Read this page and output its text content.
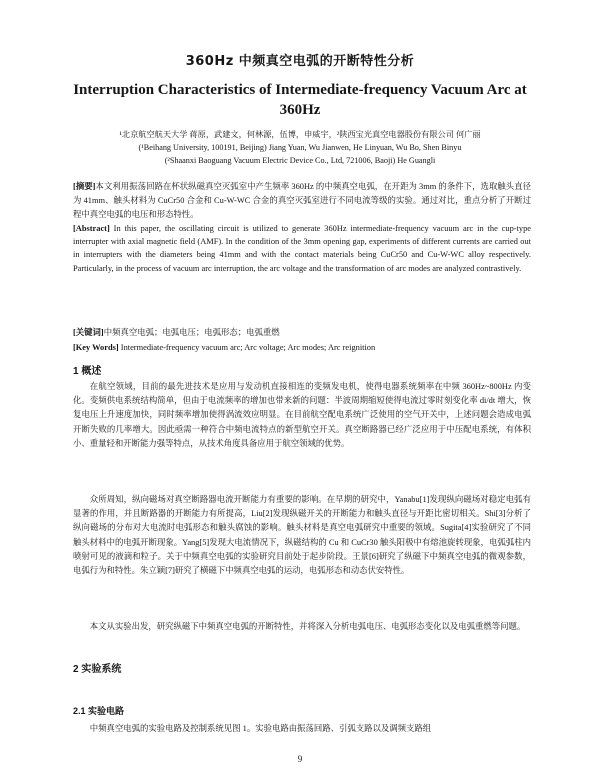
360Hz 中频真空电弧的开断特性分析
Interruption Characteristics of Intermediate-frequency Vacuum Arc at 360Hz
¹北京航空航天大学 蒋原，武建文，何林源，伍博，申威宇，²陕西宝光真空电器股份有限公司 何广丽
(¹Beihang University, 100191, Beijing) Jiang Yuan, Wu Jianwen, He Linyuan, Wu Bo, Shen Binyu
(²Shaanxi Baoguang Vacuum Electric Device Co., Ltd, 721006, Baoji) He Guangli
[摘要]本文利用振荡回路在杯状纵磁真空灭弧室中产生频率 360Hz 的中频真空电弧，在开距为 3mm 的条件下，选取触头直径为 41mm、触头材料为 CuCr50 合金和 Cu-W-WC 合金的真空灭弧室进行不同电流等级的实验。通过对比，重点分析了开断过程中真空电弧的电压和形态特性。
[Abstract] In this paper, the oscillating circuit is utilized to generate 360Hz intermediate-frequency vacuum arc in the cup-type interrupter with axial magnetic field (AMF). In the condition of the 3mm opening gap, experiments of different currents are carried out in interrupters with the diameters being 41mm and with the contact materials being CuCr50 and Cu-W-WC alloy respectively. Particularly, in the process of vacuum arc interruption, the arc voltage and the transformation of arc modes are analyzed contrastively.
[关键词]中频真空电弧；电弧电压；电弧形态；电弧重燃
[Key Words] Intermediate-frequency vacuum arc; Arc voltage; Arc modes; Arc reignition
1 概述
在航空领域，目前的最先进技术是应用与发动机直接相连的变频发电机，使得电器系统频率在中频 360Hz~800Hz 内变化。变频供电系统结构简单，但由于电流频率的增加也带来新的问题：半波周期缩短使得电流过零时刻变化率 di/dt 增大，恢复电压上升速度加快，同时频率增加使得涡流效应明显。在目前航空配电系统广泛使用的空气开关中，上述问题会造成电弧开断失败的几率增大。因此亟需一种符合中频电流特点的新型航空开关。真空断路器已经广泛应用于中压配电系统，有体积小、重量轻和开断能力强等特点，从技术角度具备应用于航空领域的优势。
众所周知，纵向磁场对真空断路器电流开断能力有重要的影响。在早期的研究中，Yanabu[1]发现纵向磁场对稳定电弧有显著的作用，并且断路器的开断能力有所提高，Liu[2]发现纵磁开关的开断能力和触头直径与开距比密切相关。Shi[3]分析了纵向磁场的分布对大电流时电弧形态和触头腐蚀的影响。触头材料是真空电弧研究中重要的领域。Sugita[4]实验研究了不同触头材料中的电弧开断现象。Yang[5]发现大电流情况下，纵磁结构的 Cu 和 CuCr30 触头阳极中有熔池旋转现象，电弧弧柱内喷射可见的液滴和粒子。关于中频真空电弧的实验研究目前处于起步阶段。王景[6]研究了纵磁下中频真空电弧的微观参数，电弧行为和特性。朱立颖[7]研究了横磁下中频真空电弧的运动，电弧形态和动态伏安特性。
本文从实验出发，研究纵磁下中频真空电弧的开断特性，并将深入分析电弧电压、电弧形态变化以及电弧重燃等问题。
2 实验系统
2.1 实验电路
中频真空电弧的实验电路及控制系统见图 1。实验电路由振荡回路、引弧支路以及调频支路组
9
